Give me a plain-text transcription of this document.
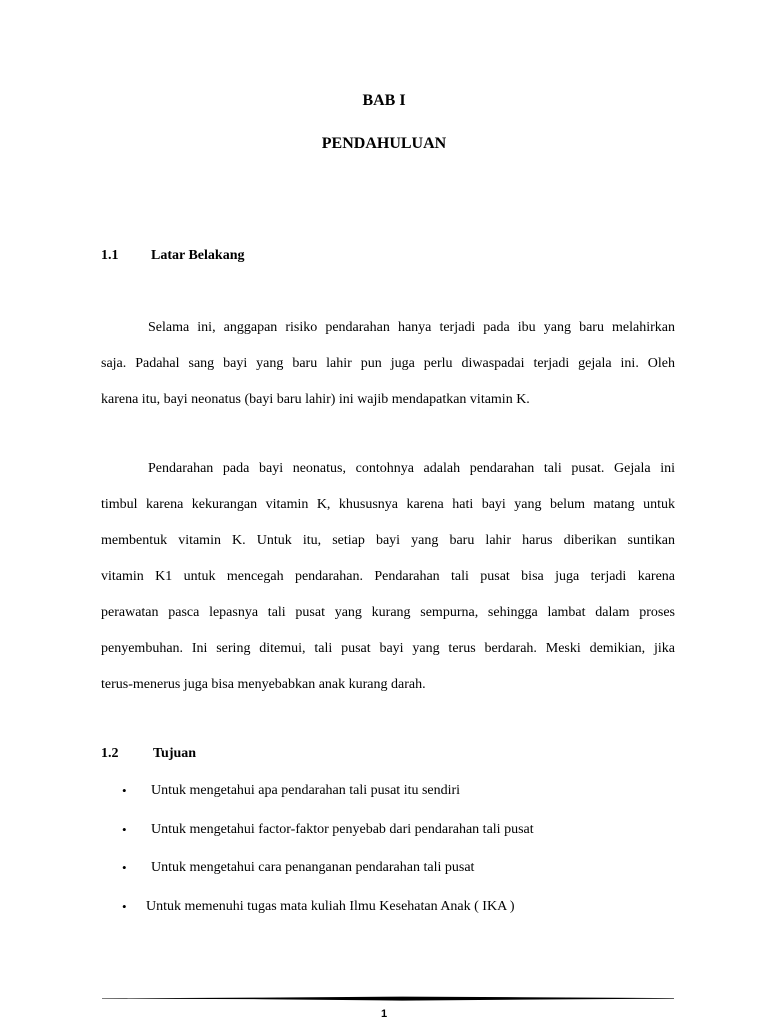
BAB I
PENDAHULUAN
1.1 Latar Belakang
Selama ini, anggapan risiko pendarahan hanya terjadi pada ibu yang baru melahirkan
saja. Padahal sang bayi yang baru lahir pun juga perlu diwaspadai terjadi gejala ini. Oleh
karena itu, bayi neonatus (bayi baru lahir) ini wajib mendapatkan vitamin K.
Pendarahan pada bayi neonatus, contohnya adalah pendarahan tali pusat. Gejala ini
timbul karena kekurangan vitamin K, khususnya karena hati bayi yang belum matang untuk
membentuk vitamin K. Untuk itu, setiap bayi yang baru lahir harus diberikan suntikan
vitamin K1 untuk mencegah pendarahan. Pendarahan tali pusat bisa juga terjadi karena
perawatan pasca lepasnya tali pusat yang kurang sempurna, sehingga lambat dalam proses
penyembuhan. Ini sering ditemui, tali pusat bayi yang terus berdarah. Meski demikian, jika
terus-menerus juga bisa menyebabkan anak kurang darah.
1.2 Tujuan
• Untuk mengetahui apa pendarahan tali pusat itu sendiri
• Untuk mengetahui factor-faktor penyebab dari pendarahan tali pusat
• Untuk mengetahui cara penanganan pendarahan tali pusat
• Untuk memenuhi tugas mata kuliah Ilmu Kesehatan Anak ( IKA )
1
